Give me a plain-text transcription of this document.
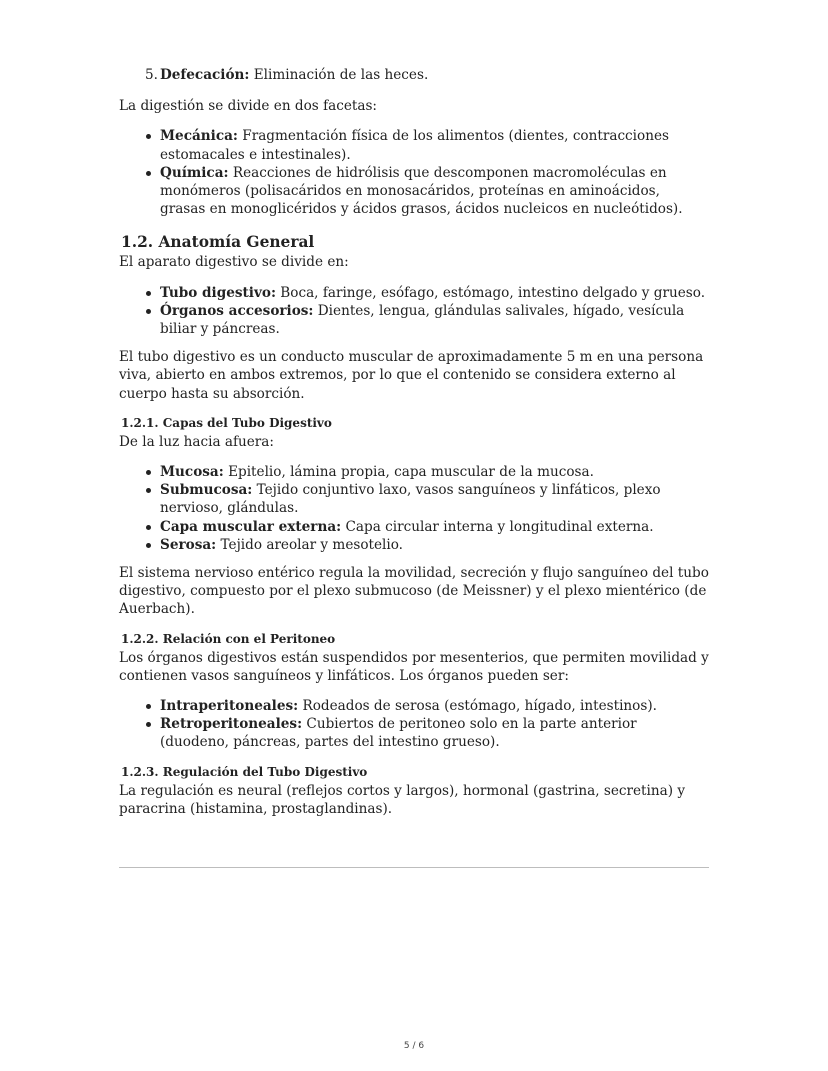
5. Defecación: Eliminación de las heces.

La digestión se divide en dos facetas:

Mecánica: Fragmentación física de los alimentos (dientes, contracciones estomacales e intestinales).
Química: Reacciones de hidrólisis que descomponen macromoléculas en monómeros (polisacáridos en monosacáridos, proteínas en aminoácidos, grasas en monoglicéridos y ácidos grasos, ácidos nucleicos en nucleótidos).
1.2. Anatomía General

El aparato digestivo se divide en:

Tubo digestivo: Boca, faringe, esófago, estómago, intestino delgado y grueso.
Órganos accesorios: Dientes, lengua, glándulas salivales, hígado, vesícula biliar y páncreas.

El tubo digestivo es un conducto muscular de aproximadamente 5 m en una persona viva, abierto en ambos extremos, por lo que el contenido se considera externo al cuerpo hasta su absorción.

1.2.1. Capas del Tubo Digestivo

De la luz hacia afuera:

Mucosa: Epitelio, lámina propia, capa muscular de la mucosa.
Submucosa: Tejido conjuntivo laxo, vasos sanguíneos y linfáticos, plexo nervioso, glándulas.
Capa muscular externa: Capa circular interna y longitudinal externa.
Serosa: Tejido areolar y mesotelio.

El sistema nervioso entérico regula la movilidad, secreción y flujo sanguíneo del tubo digestivo, compuesto por el plexo submucoso (de Meissner) y el plexo mientérico (de Auerbach).

1.2.2. Relación con el Peritoneo

Los órganos digestivos están suspendidos por mesenterios, que permiten movilidad y contienen vasos sanguíneos y linfáticos. Los órganos pueden ser:

Intraperitoneales: Rodeados de serosa (estómago, hígado, intestinos).
Retroperitoneales: Cubiertos de peritoneo solo en la parte anterior (duodeno, páncreas, partes del intestino grueso).
1.2.3. Regulación del Tubo Digestivo

La regulación es neural (reflejos cortos y largos), hormonal (gastrina, secretina) y paracrina (histamina, prostaglandinas).

5 / 6
